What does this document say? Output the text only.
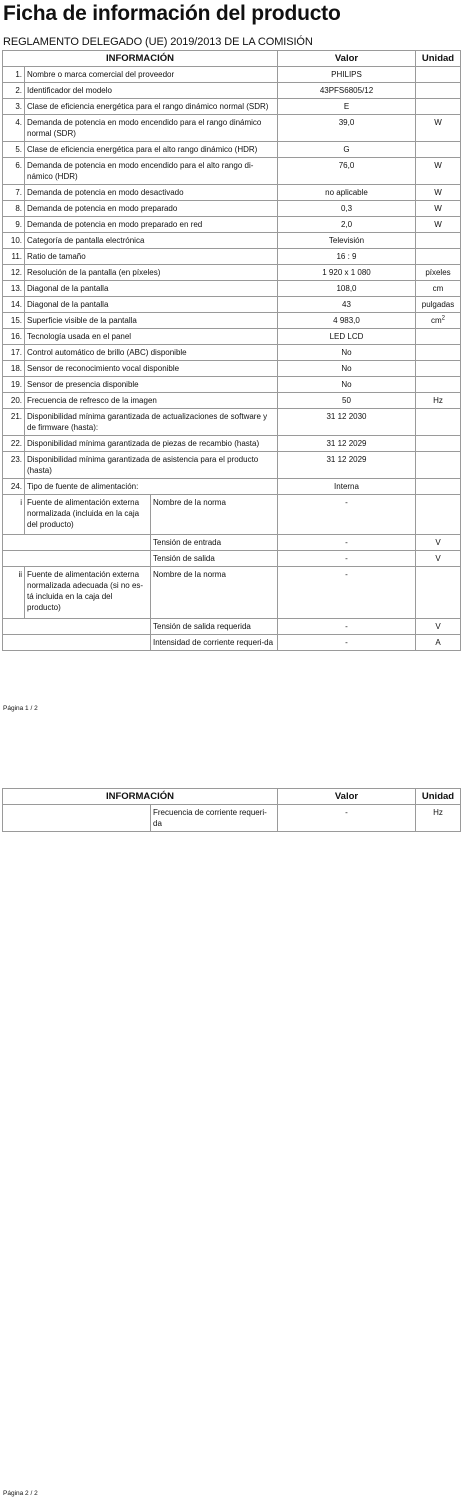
Ficha de información del producto
REGLAMENTO DELEGADO (UE) 2019/2013 DE LA COMISIÓN
INFORMACIÓN			Valor	Unidad
1.	Nombre o marca comercial del proveedor		PHILIPS	
2.	Identificador del modelo		43PFS6805/12	
3.	Clase de eficiencia energética para el rango dinámico normal (SDR)		E	
4.	Demanda de potencia en modo encendido para el rango dinámico normal (SDR)		39,0	W
5.	Clase de eficiencia energética para el alto rango dinámico (HDR)		G	
6.	Demanda de potencia en modo encendido para el alto rango di-námico (HDR)		76,0	W
7.	Demanda de potencia en modo desactivado		no aplicable	W
8.	Demanda de potencia en modo preparado		0,3	W
9.	Demanda de potencia en modo preparado en red		2,0	W
10.	Categoría de pantalla electrónica		Televisión	
11.	Ratio de tamaño		16 : 9	
12.	Resolución de la pantalla (en píxeles)		1 920 x 1 080	píxeles
13.	Diagonal de la pantalla		108,0	cm
14.	Diagonal de la pantalla		43	pulgadas
15.	Superficie visible de la pantalla		4 983,0	$cm^2$
16.	Tecnología usada en el panel		LED LCD	
17.	Control automático de brillo (ABC) disponible		No	
18.	Sensor de reconocimiento vocal disponible		No	
19.	Sensor de presencia disponible		No	
20.	Frecuencia de refresco de la imagen		50	Hz
21.	Disponibilidad mínima garantizada de actualizaciones de software y de firmware (hasta):		31 12 2030	
22.	Disponibilidad mínima garantizada de piezas de recambio (hasta)		31 12 2029	
23.	Disponibilidad mínima garantizada de asistencia para el producto (hasta)		31 12 2029	
24.	Tipo de fuente de alimentación:		Interna	
i	Fuente de alimentación externa normalizada (incluida en la caja del producto)	Nombre de la norma	-	
		Tensión de entrada	-	V
		Tensión de salida	-	V
ii	Fuente de alimentación externa normalizada adecuada (si no es-tá incluida en la caja del producto)	Nombre de la norma	-	
		Tensión de salida requerida	-	V
		Intensidad de corriente requeri-da	-	A
Página 1 / 2
INFORMACIÓN		Valor	Unidad
	Frecuencia de corriente requeri-da	-	Hz
Página 2 / 2
